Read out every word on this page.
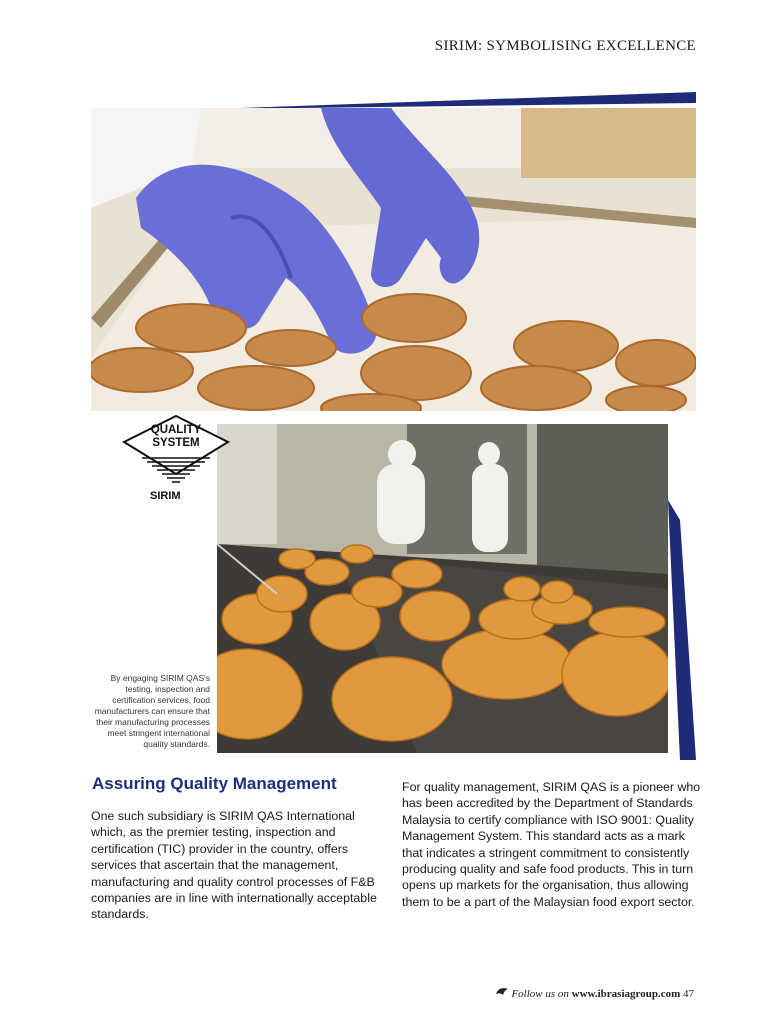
SIRIM: SYMBOLISING EXCELLENCE
QUALITY
SYSTEM
SIRIM
By engaging SIRIM QAS's testing, inspection and certification services, food manufacturers can ensure that their manufacturing processes meet stringent international quality standards.
Assuring Quality Management
One such subsidiary is SIRIM QAS International which, as the premier testing, inspection and certification (TIC) provider in the country, offers services that ascertain that the management, manufacturing and quality control processes of F&B companies are in line with internationally acceptable standards.
For quality management, SIRIM QAS is a pioneer who has been accredited by the Department of Standards Malaysia to certify compliance with ISO 9001: Quality Management System. This standard acts as a mark that indicates a stringent commitment to consistently producing quality and safe food products. This in turn opens up markets for the organisation, thus allowing them to be a part of the Malaysian food export sector.
Follow us on www.ibrasiagroup.com 47
